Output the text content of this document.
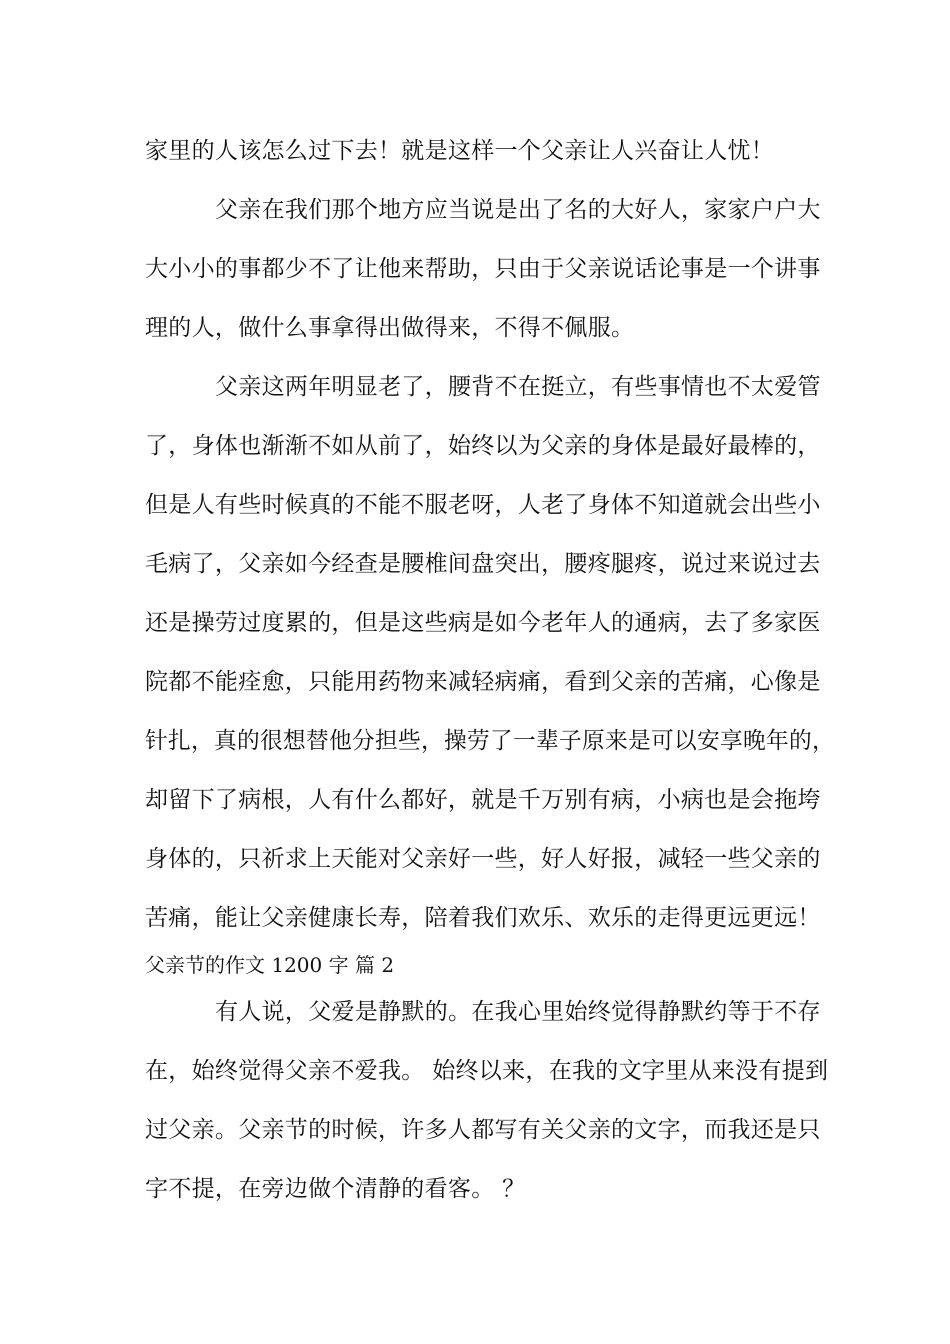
家里的人该怎么过下去！就是这样一个父亲让人兴奋让人忧！
父亲在我们那个地方应当说是出了名的大好人，家家户户大
大小小的事都少不了让他来帮助，只由于父亲说话论事是一个讲事
理的人，做什么事拿得出做得来，不得不佩服。
父亲这两年明显老了，腰背不在挺立，有些事情也不太爱管
了，身体也渐渐不如从前了，始终以为父亲的身体是最好最棒的，
但是人有些时候真的不能不服老呀，人老了身体不知道就会出些小
毛病了，父亲如今经查是腰椎间盘突出，腰疼腿疼，说过来说过去
还是操劳过度累的，但是这些病是如今老年人的通病，去了多家医
院都不能痊愈，只能用药物来减轻病痛，看到父亲的苦痛，心像是
针扎，真的很想替他分担些，操劳了一辈子原来是可以安享晚年的，
却留下了病根，人有什么都好，就是千万别有病，小病也是会拖垮
身体的，只祈求上天能对父亲好一些，好人好报，减轻一些父亲的
苦痛，能让父亲健康长寿，陪着我们欢乐、欢乐的走得更远更远！
父亲节的作文 1200 字 篇 2
有人说，父爱是静默的。在我心里始终觉得静默约等于不存
在，始终觉得父亲不爱我。 始终以来，在我的文字里从来没有提到
过父亲。父亲节的时候，许多人都写有关父亲的文字，而我还是只
字不提，在旁边做个清静的看客。 ？
